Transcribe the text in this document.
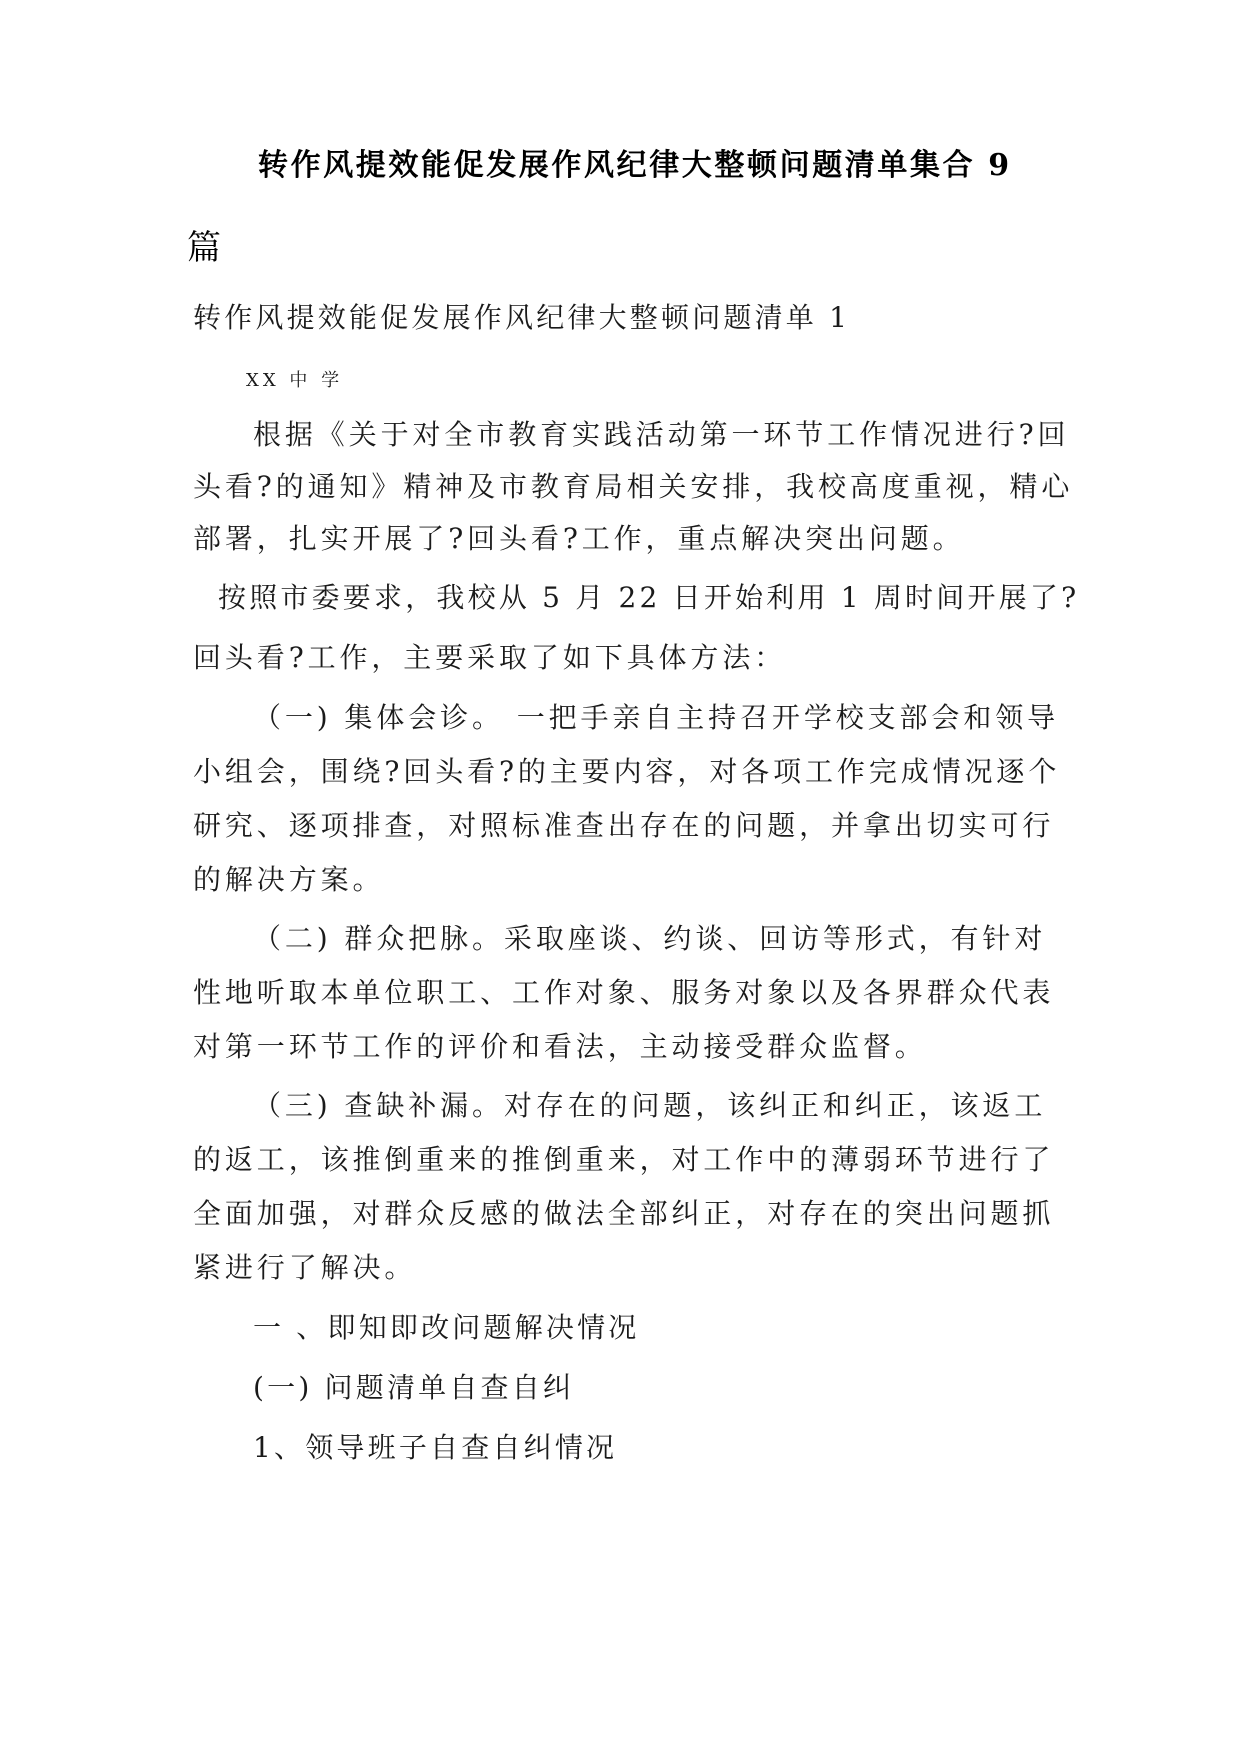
转作风提效能促发展作风纪律大整顿问题清单集合 9

篇

转作风提效能促发展作风纪律大整顿问题清单 1

XX 中 学

根据《关于对全市教育实践活动第一环节工作情况进行?回

头看?的通知》精神及市教育局相关安排，我校高度重视，精心

部署，扎实开展了?回头看?工作，重点解决突出问题。

按照市委要求，我校从 5 月 22 日开始利用 1 周时间开展了?

回头看?工作，主要采取了如下具体方法：

（一) 集体会诊。 一把手亲自主持召开学校支部会和领导

小组会，围绕?回头看?的主要内容，对各项工作完成情况逐个

研究、逐项排查，对照标准查出存在的问题，并拿出切实可行

的解决方案。

（二) 群众把脉。采取座谈、约谈、回访等形式，有针对

性地听取本单位职工、工作对象、服务对象以及各界群众代表

对第一环节工作的评价和看法，主动接受群众监督。

（三) 查缺补漏。对存在的问题，该纠正和纠正，该返工

的返工，该推倒重来的推倒重来，对工作中的薄弱环节进行了

全面加强，对群众反感的做法全部纠正，对存在的突出问题抓

紧进行了解决。

一 、即知即改问题解决情况

(一) 问题清单自查自纠

1、领导班子自查自纠情况
